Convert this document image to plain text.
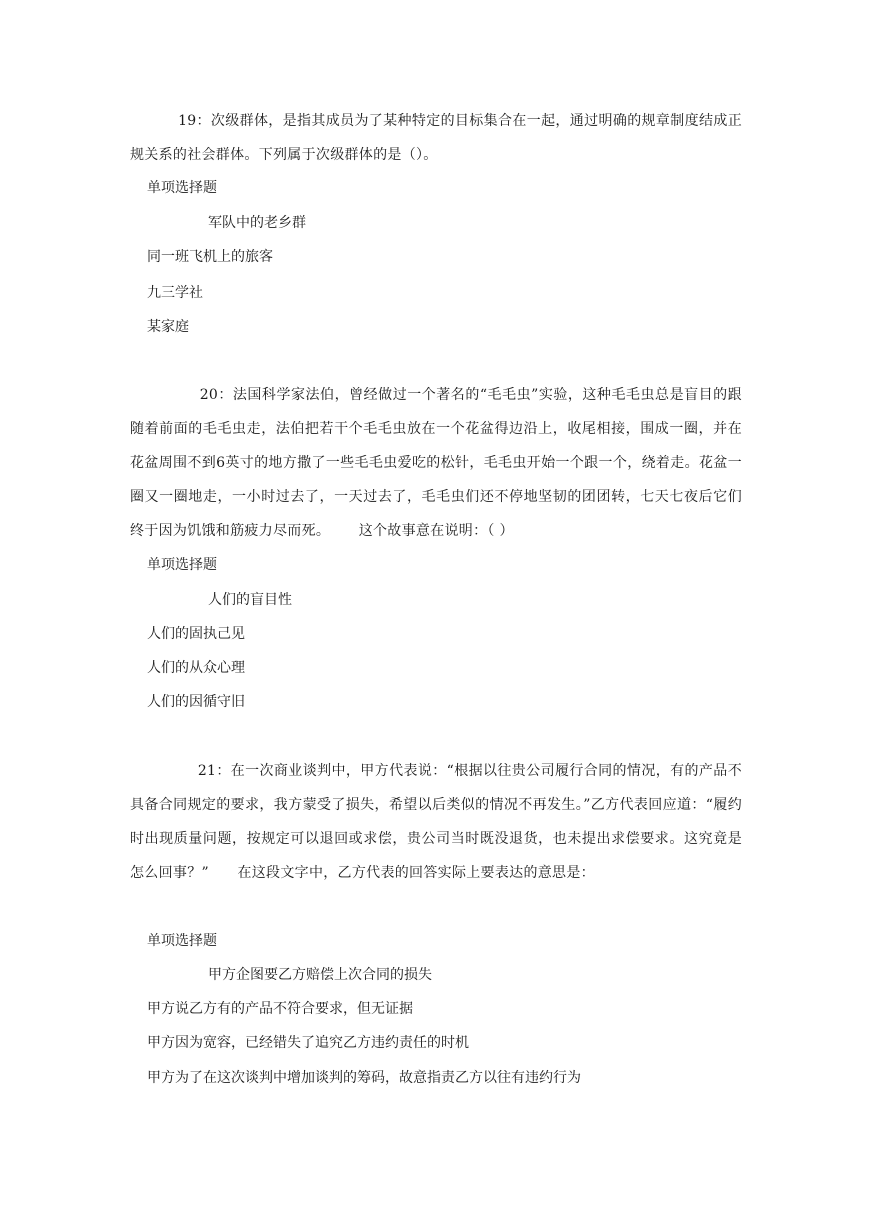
19：次级群体，是指其成员为了某种特定的目标集合在一起，通过明确的规章制度结成正规关系的社会群体。下列属于次级群体的是（）。

单项选择题
军队中的老乡群
同一班飞机上的旅客
九三学社
某家庭

20：法国科学家法伯，曾经做过一个著名的“毛毛虫”实验，这种毛毛虫总是盲目的跟随着前面的毛毛虫走，法伯把若干个毛毛虫放在一个花盆得边沿上，收尾相接，围成一圈，并在花盆周围不到6英寸的地方撒了一些毛毛虫爱吃的松针，毛毛虫开始一个跟一个，绕着走。花盆一圈又一圈地走，一小时过去了，一天过去了，毛毛虫们还不停地坚韧的团团转，七天七夜后它们终于因为饥饿和筋疲力尽而死。      这个故事意在说明：（ ）

单项选择题
人们的盲目性
人们的固执己见
人们的从众心理
人们的因循守旧

21：在一次商业谈判中，甲方代表说：“根据以往贵公司履行合同的情况，有的产品不具备合同规定的要求，我方蒙受了损失，希望以后类似的情况不再发生。”乙方代表回应道：“履约时出现质量问题，按规定可以退回或求偿，贵公司当时既没退货，也未提出求偿要求。这究竟是怎么回事？”      在这段文字中，乙方代表的回答实际上要表达的意思是：

单项选择题
甲方企图要乙方赔偿上次合同的损失
甲方说乙方有的产品不符合要求，但无证据
甲方因为宽容，已经错失了追究乙方违约责任的时机
甲方为了在这次谈判中增加谈判的筹码，故意指责乙方以往有违约行为
